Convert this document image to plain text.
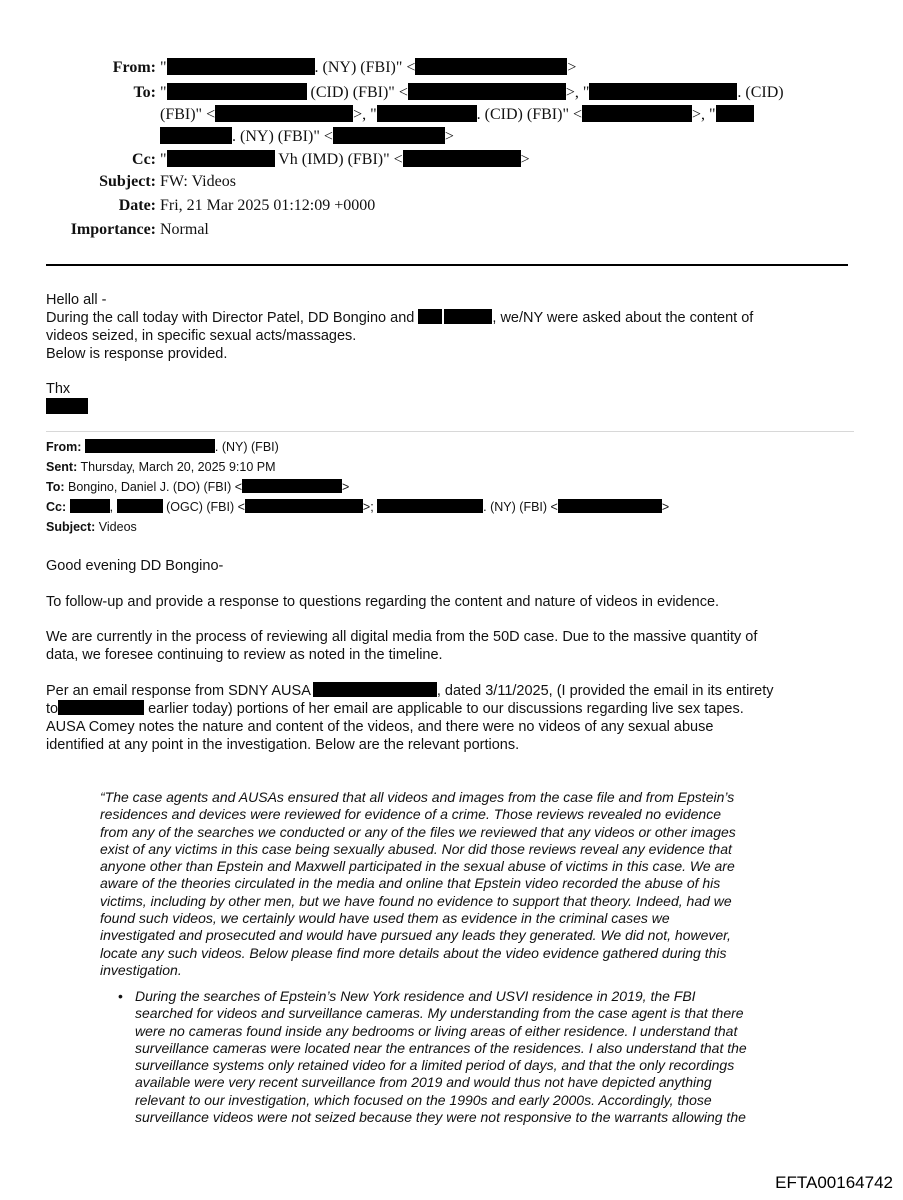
From: "	. (NY) (FBI)" <	>
To: "	(CID) (FBI)" <	>, "	. (CID)
(FBI)" <	>, "	. (CID) (FBI)" <	>, "
. (NY) (FBI)" <	>
Cc: "	Vh (IMD) (FBI)" <	>
Subject: FW: Videos
Date: Fri, 21 Mar 2025 01:12:09 +0000
Importance: Normal
Hello all -
During the call today with Director Patel, DD Bongino and	, we/NY were asked about the content of
videos seized, in specific sexual acts/massages.
Below is response provided.
Thx
From:	. (NY) (FBI)
Sent: Thursday, March 20, 2025 9:10 PM
To: Bongino, Daniel J. (DO) (FBI) <	>
Cc:	,	(OGC) (FBI) <	>;	. (NY) (FBI) <	>
Subject: Videos
Good evening DD Bongino-
To follow-up and provide a response to questions regarding the content and nature of videos in evidence.
We are currently in the process of reviewing all digital media from the 50D case. Due to the massive quantity of
data, we foresee continuing to review as noted in the timeline.
Per an email response from SDNY AUSA	, dated 3/11/2025, (I provided the email in its entirety
to	earlier today) portions of her email are applicable to our discussions regarding live sex tapes.
AUSA Comey notes the nature and content of the videos, and there were no videos of any sexual abuse
identified at any point in the investigation. Below are the relevant portions.
“The case agents and AUSAs ensured that all videos and images from the case file and from Epstein’s
residences and devices were reviewed for evidence of a crime. Those reviews revealed no evidence
from any of the searches we conducted or any of the files we reviewed that any videos or other images
exist of any victims in this case being sexually abused. Nor did those reviews reveal any evidence that
anyone other than Epstein and Maxwell participated in the sexual abuse of victims in this case. We are
aware of the theories circulated in the media and online that Epstein video recorded the abuse of his
victims, including by other men, but we have found no evidence to support that theory. Indeed, had we
found such videos, we certainly would have used them as evidence in the criminal cases we
investigated and prosecuted and would have pursued any leads they generated. We did not, however,
locate any such videos. Below please find more details about the video evidence gathered during this
investigation.
• During the searches of Epstein’s New York residence and USVI residence in 2019, the FBI
searched for videos and surveillance cameras. My understanding from the case agent is that there
were no cameras found inside any bedrooms or living areas of either residence. I understand that
surveillance cameras were located near the entrances of the residences. I also understand that the
surveillance systems only retained video for a limited period of days, and that the only recordings
available were very recent surveillance from 2019 and would thus not have depicted anything
relevant to our investigation, which focused on the 1990s and early 2000s. Accordingly, those
surveillance videos were not seized because they were not responsive to the warrants allowing the
EFTA00164742
